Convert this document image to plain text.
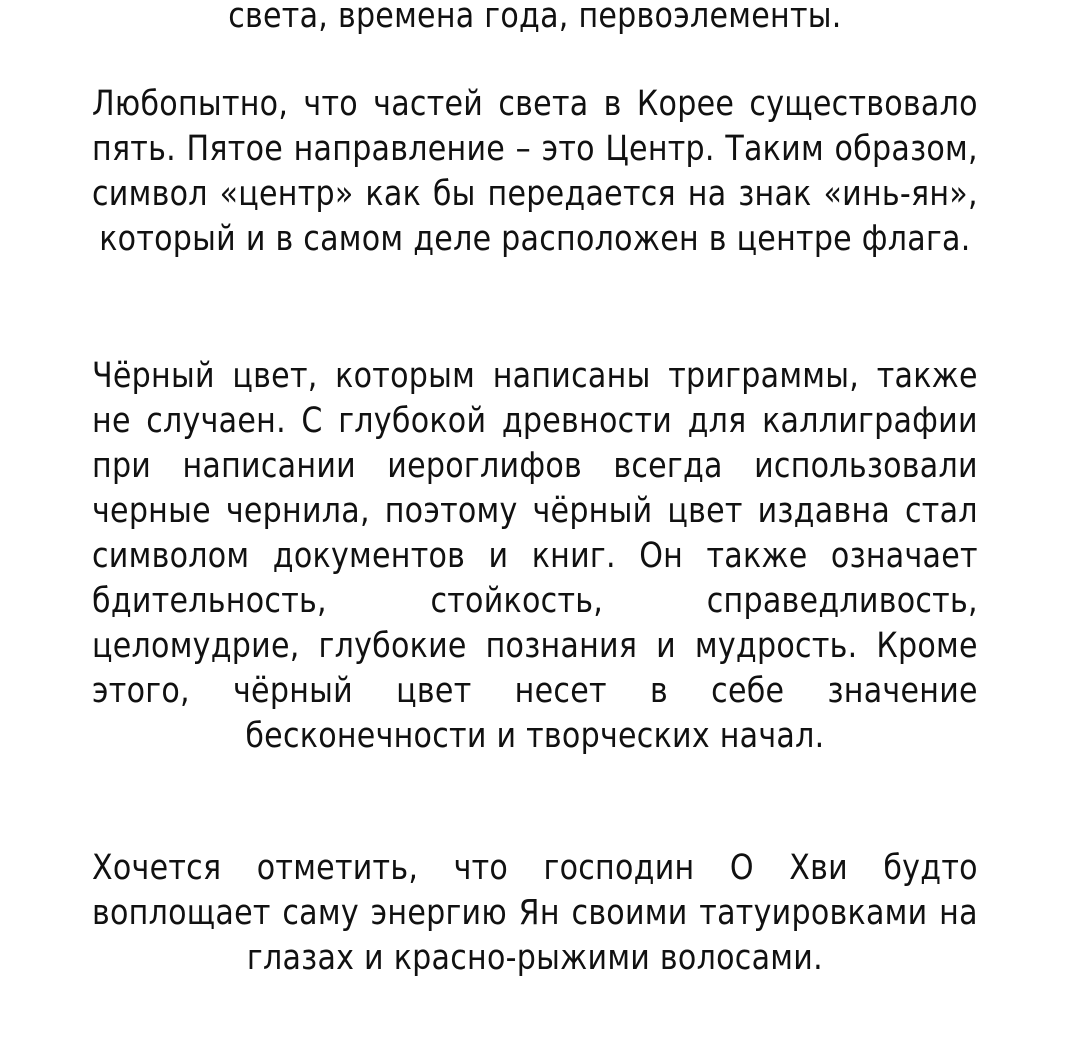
света, времена года, первоэлементы.

Любопытно, что частей света в Корее существовало пять. Пятое направление – это Центр. Таким образом, символ «центр» как бы передается на знак «инь-ян», который и в самом деле расположен в центре флага.

Чёрный цвет, которым написаны триграммы, также не случаен. С глубокой древности для каллиграфии при написании иероглифов всегда использовали черные чернила, поэтому чёрный цвет издавна стал символом документов и книг. Он также означает бдительность, стойкость, справедливость, целомудрие, глубокие познания и мудрость. Кроме этого, чёрный цвет несет в себе значение бесконечности и творческих начал.

Хочется отметить, что господин О Хви будто воплощает саму энергию Ян своими татуировками на глазах и красно-рыжими волосами.
